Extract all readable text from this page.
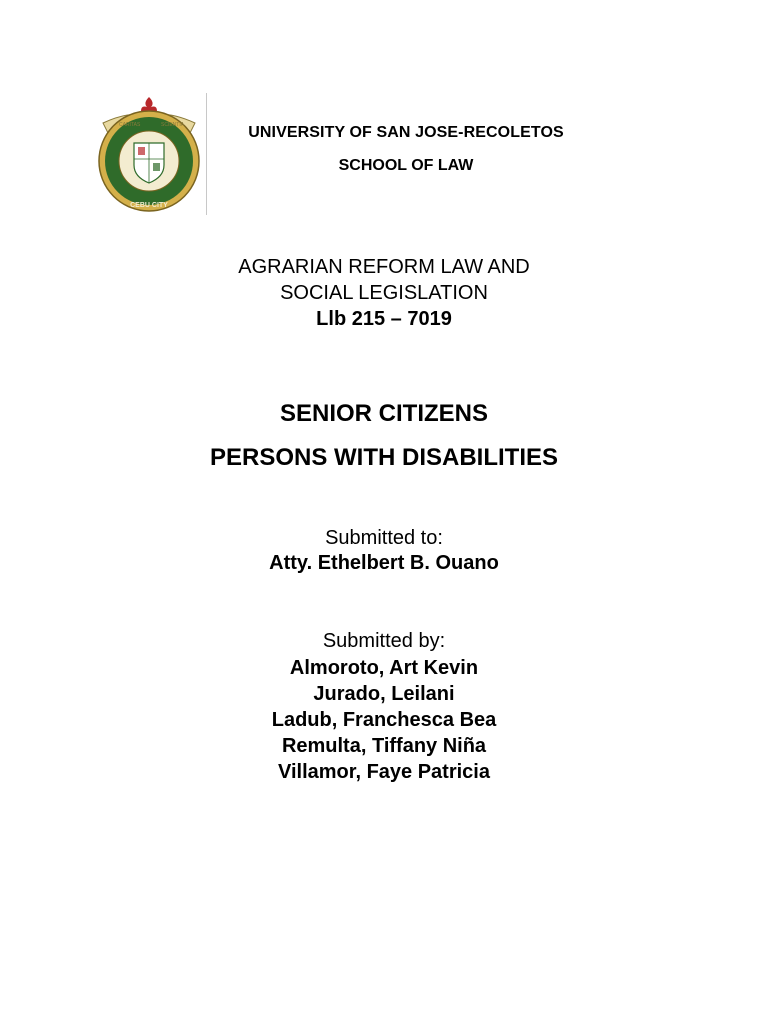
CEBU CITY
CARITAS	SCIENTIA	UNIVERSITY OF SAN JOSE-RECOLETOS
SCHOOL OF LAW
AGRARIAN REFORM LAW AND
SOCIAL LEGISLATION
Llb 215 – 7019
SENIOR CITIZENS
PERSONS WITH DISABILITIES
Submitted to:
Atty. Ethelbert B. Ouano
Submitted by:
Almoroto, Art Kevin
Jurado, Leilani
Ladub, Franchesca Bea
Remulta, Tiffany Niña
Villamor, Faye Patricia
